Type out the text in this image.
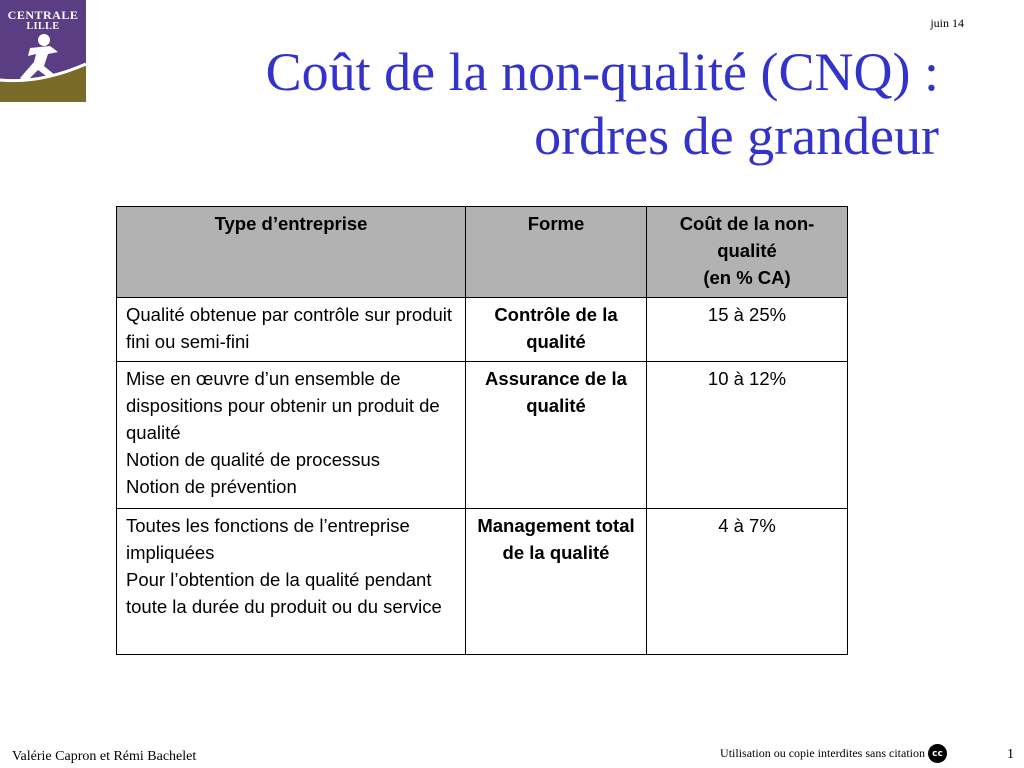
CENTRALE
LILLE	juin 14
Coût de la non-qualité (CNQ) :
ordres de grandeur
Type d’entreprise	Forme	Coût de la non-qualité
(en % CA)
Qualité obtenue par contrôle sur produit fini ou semi-fini	Contrôle de la qualité	15 à 25%
Mise en œuvre d’un ensemble de dispositions pour obtenir un produit de qualité
Notion de qualité de processus
Notion de prévention	Assurance de la qualité	10 à 12%
Toutes les fonctions de l’entreprise impliquées
Pour l’obtention de la qualité pendant toute la durée du produit ou du service	Management total de la qualité	4 à 7%
Valérie Capron et Rémi Bachelet	Utilisation ou copie interdites sans citation cc	1
